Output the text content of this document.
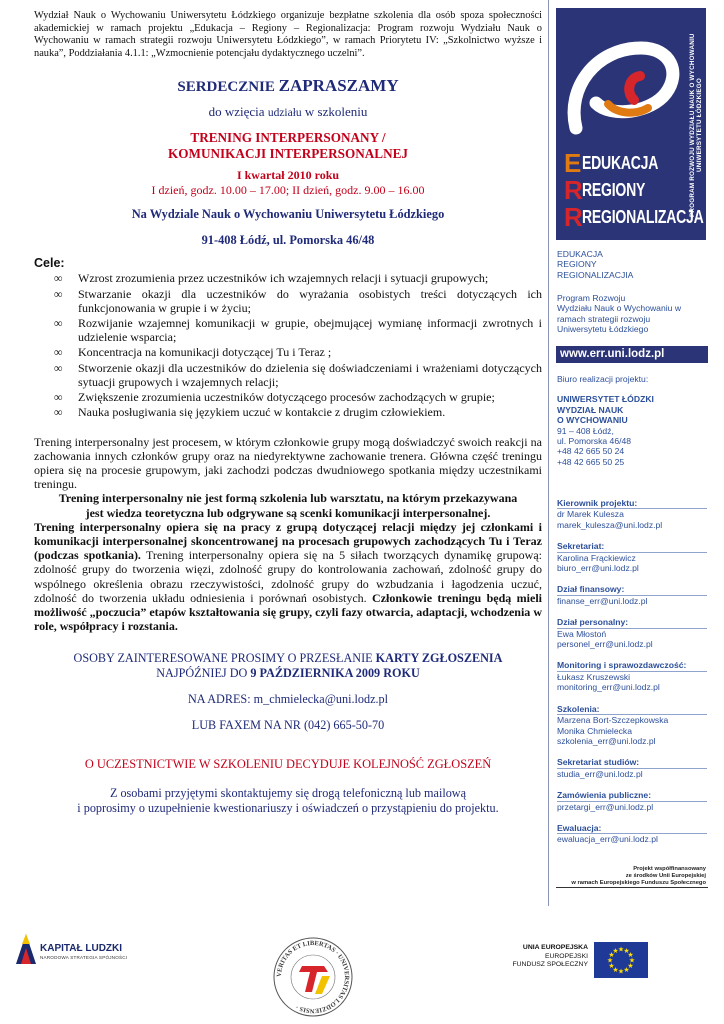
Wydział Nauk o Wychowaniu Uniwersytetu Łódzkiego organizuje bezpłatne szkolenia dla osób spoza społeczności akademickiej w ramach projektu „Edukacja – Regiony – Regionalizacja: Program rozwoju Wydziału Nauk o Wychowaniu w ramach strategii rozwoju Uniwersytetu Łódzkiego”, w ramach Priorytetu IV: „Szkolnictwo wyższe i nauka”, Poddziałania 4.1.1: „Wzmocnienie potencjału dydaktycznego uczelni”.

SERDECZNIE ZAPRASZAMY
do wzięcia udziału w szkoleniu
TRENING INTERPERSONANY /
KOMUNIKACJI INTERPERSONALNEJ
I kwartał 2010 roku
I dzień, godz. 10.00 – 17.00; II dzień, godz. 9.00 – 16.00
Na Wydziale Nauk o Wychowaniu Uniwersytetu Łódzkiego
91-408 Łódź, ul. Pomorska 46/48
Cele:
∞ Wzrost zrozumienia przez uczestników ich wzajemnych relacji i sytuacji grupowych;
∞ Stwarzanie okazji dla uczestników do wyrażania osobistych treści dotyczących ich funkcjonowania w grupie i w życiu;
∞ Rozwijanie wzajemnej komunikacji w grupie, obejmującej wymianę informacji zwrotnych i udzielenie wsparcia;
∞ Koncentracja na komunikacji dotyczącej Tu i Teraz ;
∞ Stworzenie okazji dla uczestników do dzielenia się doświadczeniami i wrażeniami dotyczących sytuacji grupowych i wzajemnych relacji;
∞ Zwiększenie zrozumienia uczestników dotyczącego procesów zachodzących w grupie;
∞ Nauka posługiwania się językiem uczuć w kontakcie z drugim człowiekiem.

Trening interpersonalny jest procesem, w którym członkowie grupy mogą doświadczyć swoich reakcji na zachowania innych członków grupy oraz na niedyrektywne zachowanie trenera. Główna część treningu opiera się na procesie grupowym, jaki zachodzi podczas dwudniowego spotkania między uczestnikami treningu.

Trening interpersonalny nie jest formą szkolenia lub warsztatu, na którym przekazywana jest wiedza teoretyczna lub odgrywane są scenki komunikacji interpersonalnej.

Trening interpersonalny opiera się na pracy z grupą dotyczącej relacji między jej członkami i komunikacji interpersonalnej skoncentrowanej na procesach grupowych zachodzących Tu i Teraz (podczas spotkania). Trening interpersonalny opiera się na 5 siłach tworzących dynamikę grupową: zdolność grupy do tworzenia więzi, zdolność grupy do kontrolowania zachowań, zdolność grupy do wspólnego określenia obrazu rzeczywistości, zdolność grupy do wzbudzania i łagodzenia uczuć, zdolność do tworzenia układu odniesienia i porównań osobistych. Członkowie treningu będą mieli możliwość „poczucia” etapów kształtowania się grupy, czyli fazy otwarcia, adaptacji, wchodzenia w role, współpracy i rozstania.

OSOBY ZAINTERESOWANE PROSIMY O PRZESŁANIE KARTY ZGŁOSZENIA
NAJPÓŹNIEJ DO 9 PAŹDZIERNIKA 2009 ROKU
NA ADRES: m_chmielecka@uni.lodz.pl
LUB FAXEM NA NR (042) 665-50-70
O UCZESTNICTWIE W SZKOLENIU DECYDUJE KOLEJNOŚĆ ZGŁOSZEŃ
Z osobami przyjętymi skontaktujemy się drogą telefoniczną lub mailową
i poprosimy o uzupełnienie kwestionariuszy i oświadczeń o przystąpieniu do projektu.
PROGRAM ROZWOJU WYDZIAŁU NAUK O WYCHOWANIU UNIWERSYTETU ŁÓDZKIEGO
E EDUKACJA
R REGIONY
R REGIONALIZACJA
EDUKACJA
REGIONY
REGIONALIZACJIA
Program Rozwoju
Wydziału Nauk o Wychowaniu w
ramach strategii rozwoju
Uniwersytetu Łódzkiego
www.err.uni.lodz.pl
Biuro realizacji projektu:
UNIWERSYTET ŁÓDZKI
WYDZIAŁ NAUK
O WYCHOWANIU
91 – 408 Łódź,
ul. Pomorska 46/48
+48 42 665 50 24
+48 42 665 50 25
Kierownik projektu:
dr Marek Kulesza
marek_kulesza@uni.lodz.pl
Sekretariat:
Karolina Frąckiewicz
biuro_err@uni.lodz.pl
Dział finansowy:
finanse_err@uni.lodz.pl
Dział personalny:
Ewa Młostoń
personel_err@uni.lodz.pl
Monitoring i sprawozdawczość:
Łukasz Kruszewski
monitoring_err@uni.lodz.pl
Szkolenia:
Marzena Bort-Szczepkowska
Monika Chmielecka
szkolenia_err@uni.lodz.pl
Sekretariat studiów:
studia_err@uni.lodz.pl
Zamówienia publiczne:
przetargi_err@uni.lodz.pl
Ewaluacja:
ewaluacja_err@uni.lodz.pl
Projekt współfinansowany
ze środków Unii Europejskiej
w ramach Europejskiego Funduszu Społecznego
KAPITAŁ LUDZKI
NARODOWA STRATEGIA SPÓJNOŚCI
VERITAS ET LIBERTAS · UNIVERSITAS LODZIENSIS ·
UNIA EUROPEJSKA
EUROPEJSKI
FUNDUSZ SPOŁECZNY
★
★
★
★
★
★
★
★
★ ★ ★
★
